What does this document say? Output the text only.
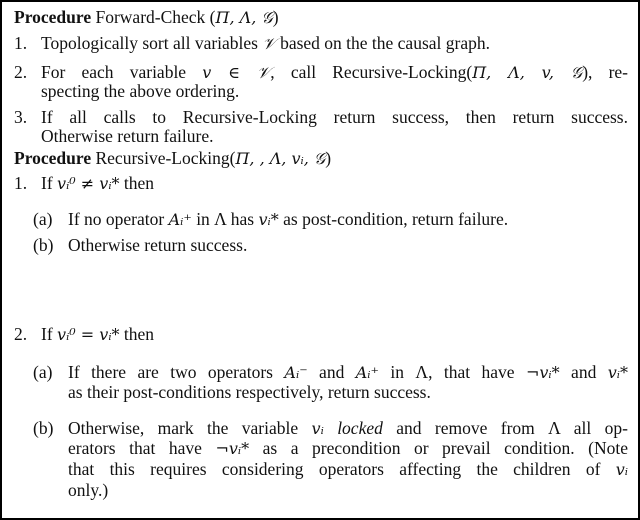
Procedure Forward-Check (Π, Λ, 𝒢)
1. Topologically sort all variables 𝒱 based on the the causal graph.
2. For each variable v ∈ 𝒱, call Recursive-Locking(Π, Λ, v, 𝒢), re-
specting the above ordering.
3. If all calls to Recursive-Locking return success, then return success.
Otherwise return failure.
Procedure Recursive-Locking(Π, , Λ, vᵢ, 𝒢)
1. If vᵢ⁰ ≠ vᵢ* then
(a) If no operator Aᵢ⁺ in Λ has vᵢ* as post-condition, return failure.
(b) Otherwise return success.
2. If vᵢ⁰ = vᵢ* then
(a) If there are two operators Aᵢ⁻ and Aᵢ⁺ in Λ, that have ¬vᵢ* and vᵢ*
as their post-conditions respectively, return success.
(b) Otherwise, mark the variable vᵢ locked and remove from Λ all op-
erators that have ¬vᵢ* as a precondition or prevail condition. (Note
that this requires considering operators affecting the children of vᵢ
only.)
